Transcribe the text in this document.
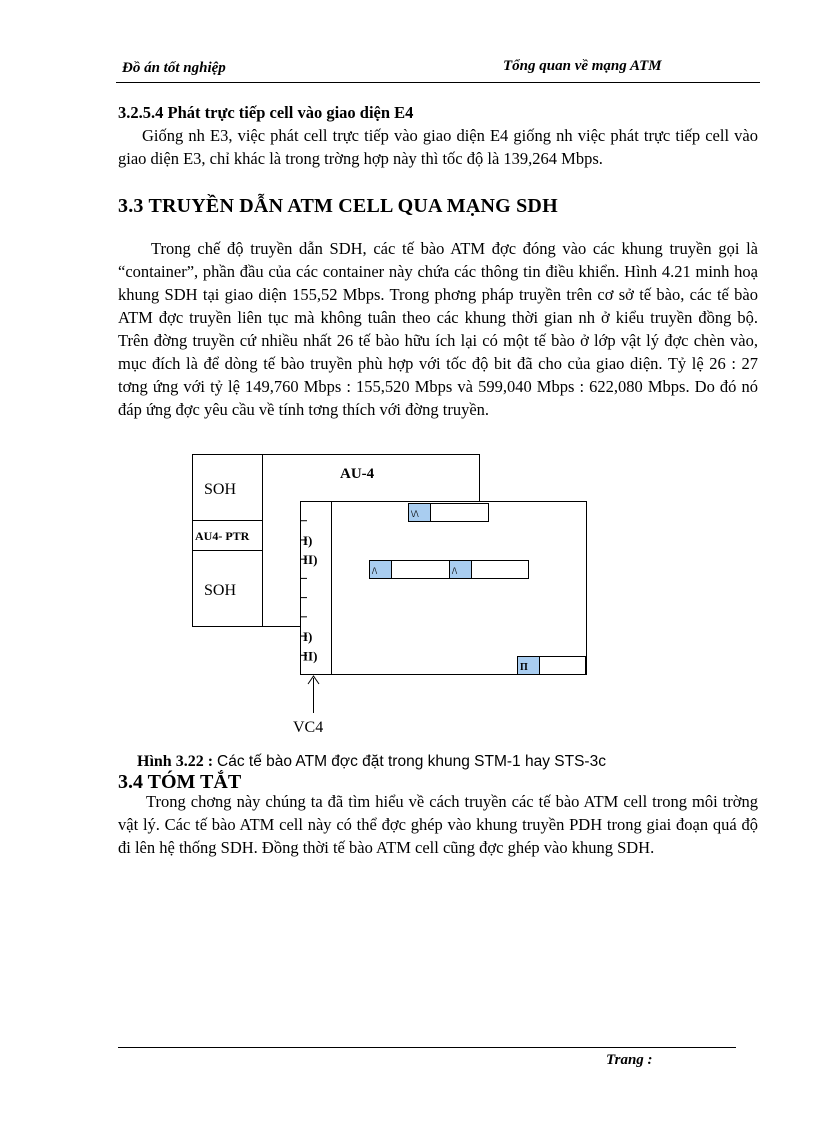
Đồ án tốt nghiệp	Tổng quan về mạng ATM
3.2.5.4 Phát trực tiếp cell vào giao diện E4

Giống nh E3, việc phát cell trực tiếp vào giao diện E4 giống nh việc phát trực tiếp cell vào giao diện E3, chỉ khác là trong trờng hợp này thì tốc độ là 139,264 Mbps.

3.3 TRUYỀN DẪN ATM CELL QUA MẠNG SDH

Trong chế độ truyền dẫn SDH, các tế bào ATM đợc đóng vào các khung truyền gọi là “container”, phần đầu của các container này chứa các thông tin điều khiển. Hình 4.21 minh hoạ khung SDH tại giao diện 155,52 Mbps. Trong phơng pháp truyền trên cơ sở tế bào, các tế bào ATM đợc truyền liên tục mà không tuân theo các khung thời gian nh ở kiểu truyền đồng bộ. Trên đờng truyền cứ nhiều nhất 26 tế bào hữu ích lại có một tế bào ở lớp vật lý đợc chèn vào, mục đích là để dòng tế bào truyền phù hợp với tốc độ bit đã cho của giao diện. Tỷ lệ 26 : 27 tơng ứng với tỷ lệ 149,760 Mbps : 155,520 Mbps và 599,040 Mbps : 622,080 Mbps. Do đó nó đáp ứng đợc yêu cầu về tính tơng thích với đờng truyền.

SOH
AU-4
AU4- PTR
SOH
I)
II)
I)
II)
\/\
/\	/\
Π
VC4
Hình 3.22 : Các tế bào ATM đợc đặt trong khung STM-1 hay STS-3c
3.4 TÓM TẮT

Trong chơng này chúng ta đã tìm hiểu về cách truyền các tế bào ATM cell trong môi trờng vật lý. Các tế bào ATM cell này có thể đợc ghép vào khung truyền PDH trong giai đoạn quá độ đi lên hệ thống SDH. Đồng thời tế bào ATM cell cũng đợc ghép vào khung SDH.

Trang :
